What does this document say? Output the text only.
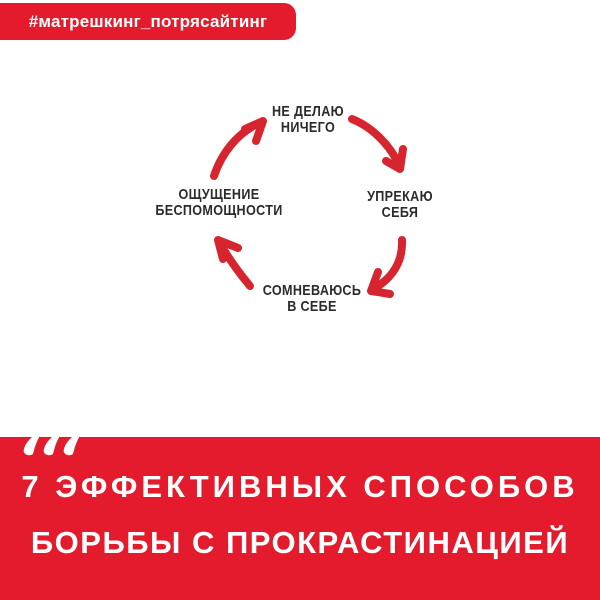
#матрешкинг_потрясайтинг
НЕ ДЕЛАЮ
НИЧЕГО
УПРЕКАЮ
СЕБЯ
СОМНЕВАЮСЬ
В СЕБЕ
ОЩУЩЕНИЕ
БЕСПОМОЩНОСТИ
7 ЭФФЕКТИВНЫХ СПОСОБОВ
БОРЬБЫ С ПРОКРАСТИНАЦИЕЙ
